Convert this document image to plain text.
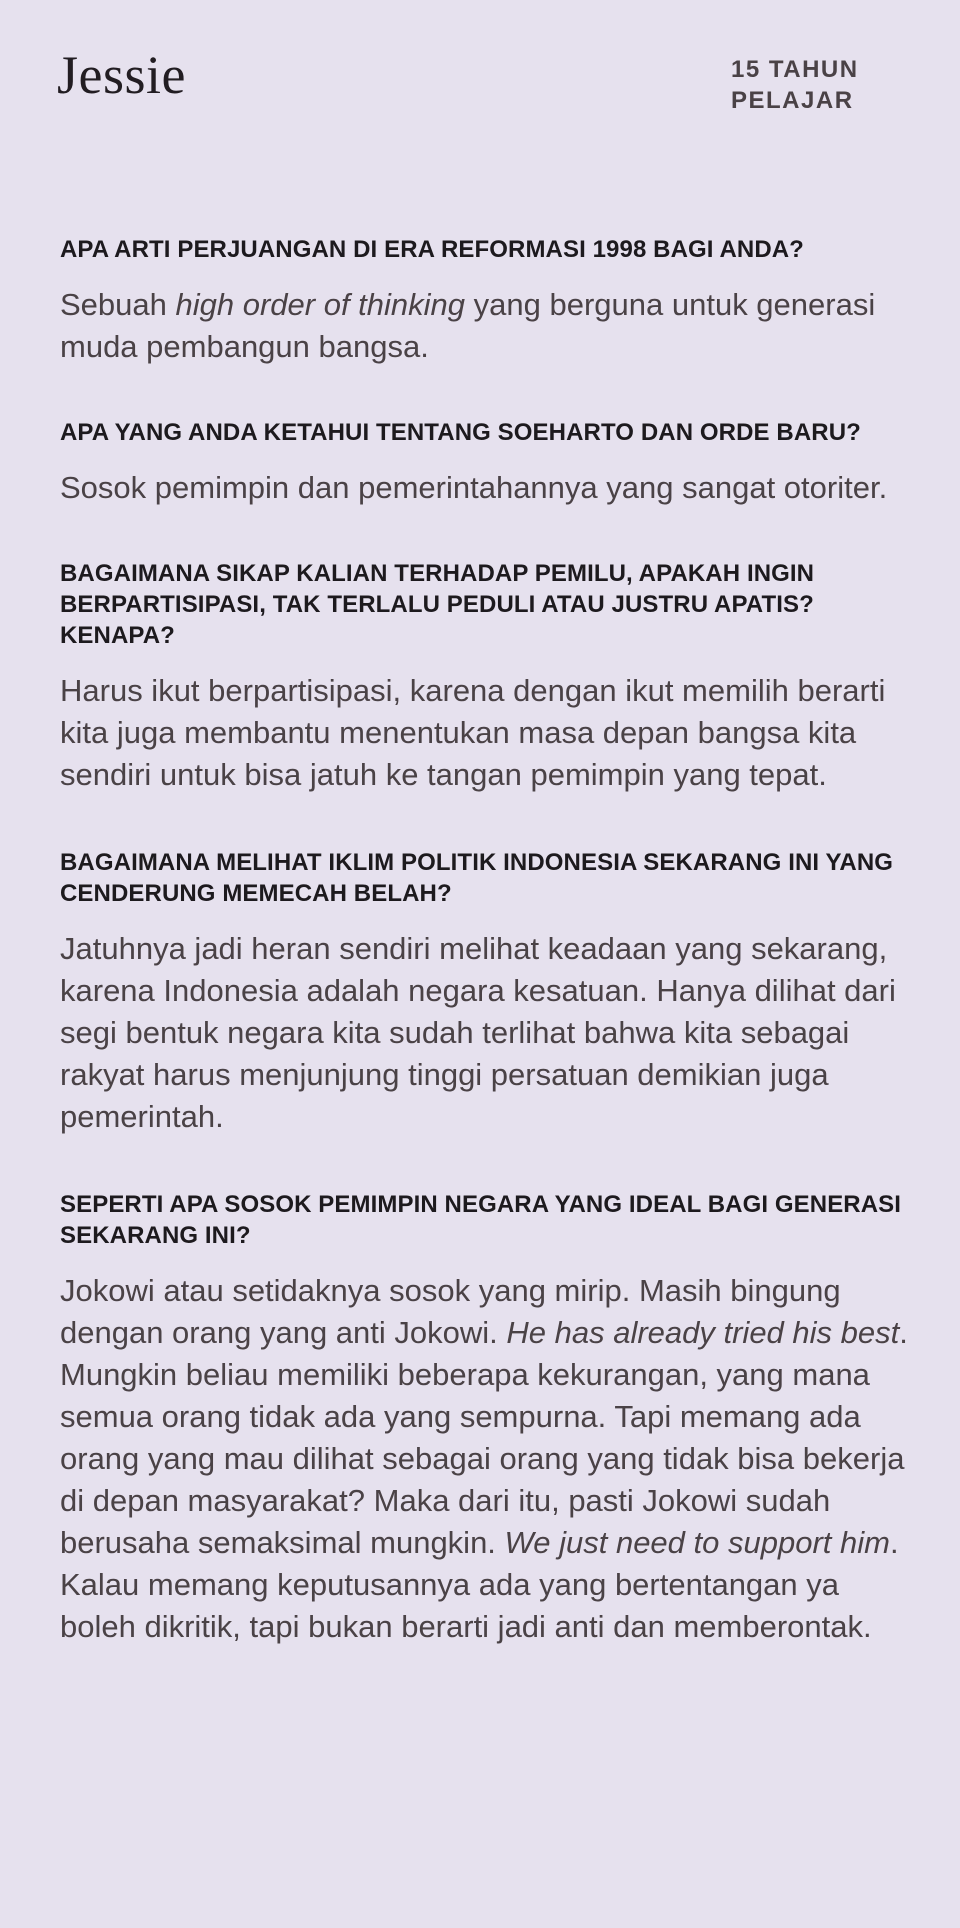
Jessie	15 TAHUN
PELAJAR
APA ARTI PERJUANGAN DI ERA REFORMASI 1998 BAGI ANDA?

Sebuah high order of thinking yang berguna untuk generasi muda pembangun bangsa.

APA YANG ANDA KETAHUI TENTANG SOEHARTO DAN ORDE BARU?

Sosok pemimpin dan pemerintahannya yang sangat otoriter.

BAGAIMANA SIKAP KALIAN TERHADAP PEMILU, APAKAH INGIN BERPARTISIPASI, TAK TERLALU PEDULI ATAU JUSTRU APATIS? KENAPA?

Harus ikut berpartisipasi, karena dengan ikut memilih berarti kita juga membantu menentukan masa depan bangsa kita sendiri untuk bisa jatuh ke tangan pemimpin yang tepat.

BAGAIMANA MELIHAT IKLIM POLITIK INDONESIA SEKARANG INI YANG CENDERUNG MEMECAH BELAH?

Jatuhnya jadi heran sendiri melihat keadaan yang sekarang, karena Indonesia adalah negara kesatuan. Hanya dilihat dari segi bentuk negara kita sudah terlihat bahwa kita sebagai rakyat harus menjunjung tinggi persatuan demikian juga pemerintah.

SEPERTI APA SOSOK PEMIMPIN NEGARA YANG IDEAL BAGI GENERASI SEKARANG INI?

Jokowi atau setidaknya sosok yang mirip. Masih bingung dengan orang yang anti Jokowi. He has already tried his best. Mungkin beliau memiliki beberapa kekurangan, yang mana semua orang tidak ada yang sempurna. Tapi memang ada orang yang mau dilihat sebagai orang yang tidak bisa bekerja di depan masyarakat? Maka dari itu, pasti Jokowi sudah berusaha semaksimal mungkin. We just need to support him. Kalau memang keputusannya ada yang bertentangan ya boleh dikritik, tapi bukan berarti jadi anti dan memberontak.
